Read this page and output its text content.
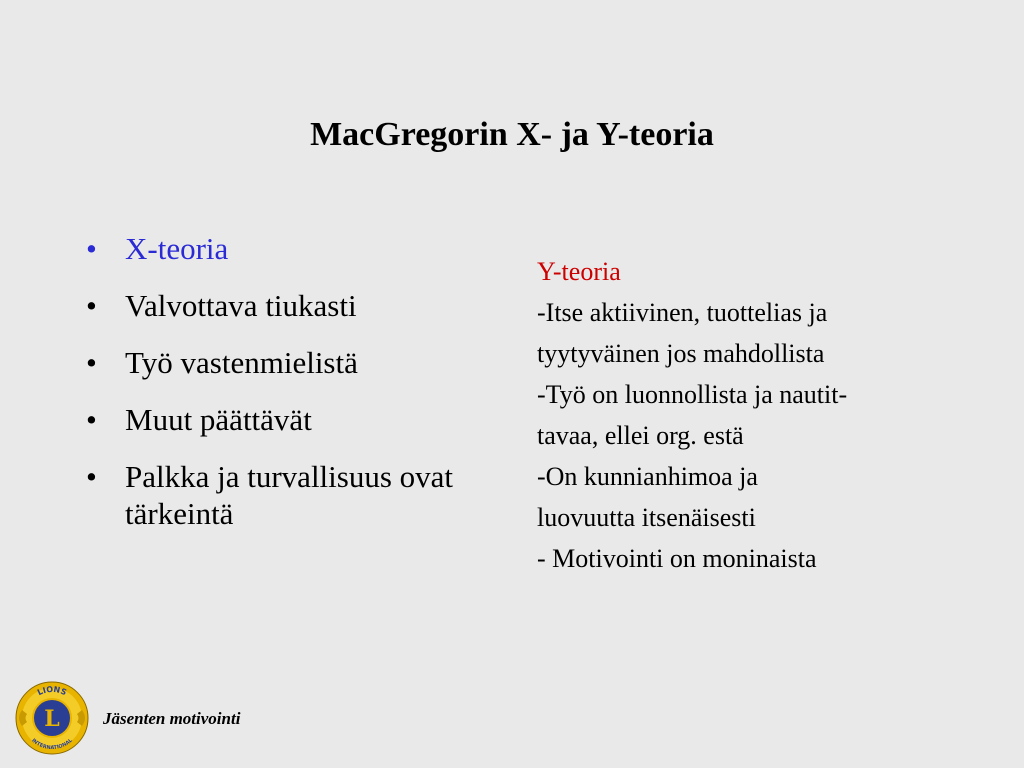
MacGregorin X- ja Y-teoria
• X-teoria
• Valvottava tiukasti
• Työ vastenmielistä
• Muut päättävät
• Palkka ja turvallisuus ovat tärkeintä
Y-teoria
-Itse aktiivinen, tuottelias ja
tyytyväinen jos mahdollista
-Työ on luonnollista ja nautit-
tavaa, ellei org. estä
-On kunnianhimoa ja
luovuutta itsenäisesti
- Motivointi on moninaista
LIONS
INTERNATIONAL
L	Jäsenten motivointi
